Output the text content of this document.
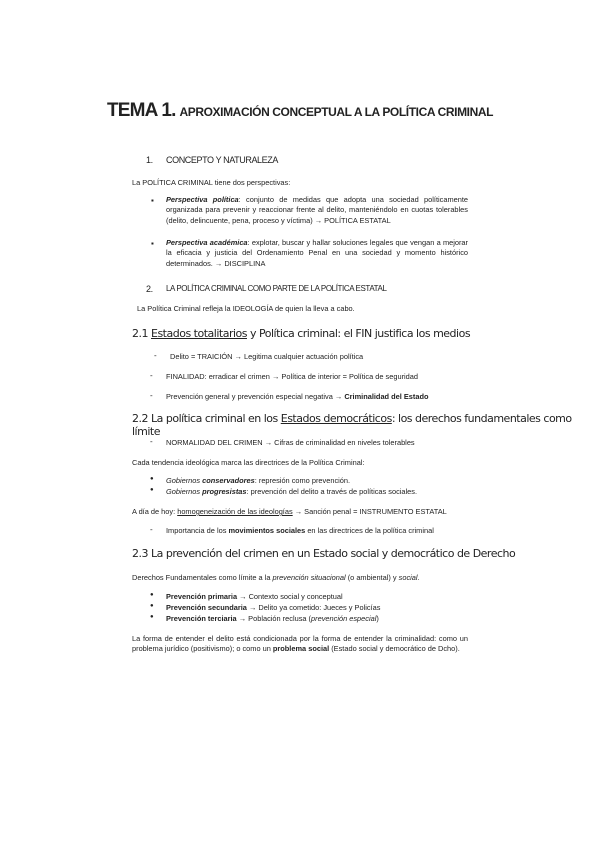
TEMA 1. APROXIMACIÓN CONCEPTUAL A LA POLÍTICA CRIMINAL
1. CONCEPTO Y NATURALEZA
La POLÍTICA CRIMINAL tiene dos perspectivas:
▪ Perspectiva política: conjunto de medidas que adopta una sociedad políticamente organizada para prevenir y reaccionar frente al delito, manteniéndolo en cuotas tolerables (delito, delincuente, pena, proceso y víctima) → POLÍTICA ESTATAL
▪ Perspectiva académica: explotar, buscar y hallar soluciones legales que vengan a mejorar la eficacia y justicia del Ordenamiento Penal en una sociedad y momento histórico determinados. → DISCIPLINA
2. LA POLÍTICA CRIMINAL COMO PARTE DE LA POLÍTICA ESTATAL
La Política Criminal refleja la IDEOLOGÍA de quien la lleva a cabo.
2.1 Estados totalitarios y Política criminal: el FIN justifica los medios
- Delito = TRAICIÓN → Legitima cualquier actuación política
- FINALIDAD: erradicar el crimen → Política de interior = Política de seguridad
- Prevención general y prevención especial negativa → Criminalidad del Estado
2.2 La política criminal en los Estados democráticos: los derechos fundamentales como límite
- NORMALIDAD DEL CRIMEN → Cifras de criminalidad en niveles tolerables
Cada tendencia ideológica marca las directrices de la Política Criminal:
● Gobiernos conservadores: represión como prevención.
● Gobiernos progresistas: prevención del delito a través de políticas sociales.
A día de hoy: homogeneización de las ideologías → Sanción penal = INSTRUMENTO ESTATAL
- Importancia de los movimientos sociales en las directrices de la política criminal
2.3 La prevención del crimen en un Estado social y democrático de Derecho
Derechos Fundamentales como límite a la prevención situacional (o ambiental) y social.
● Prevención primaria → Contexto social y conceptual
● Prevención secundaria → Delito ya cometido: Jueces y Policías
● Prevención terciaria → Población reclusa (prevención especial)
La forma de entender el delito está condicionada por la forma de entender la criminalidad: como un problema jurídico (positivismo); o como un problema social (Estado social y democrático de Dcho).
